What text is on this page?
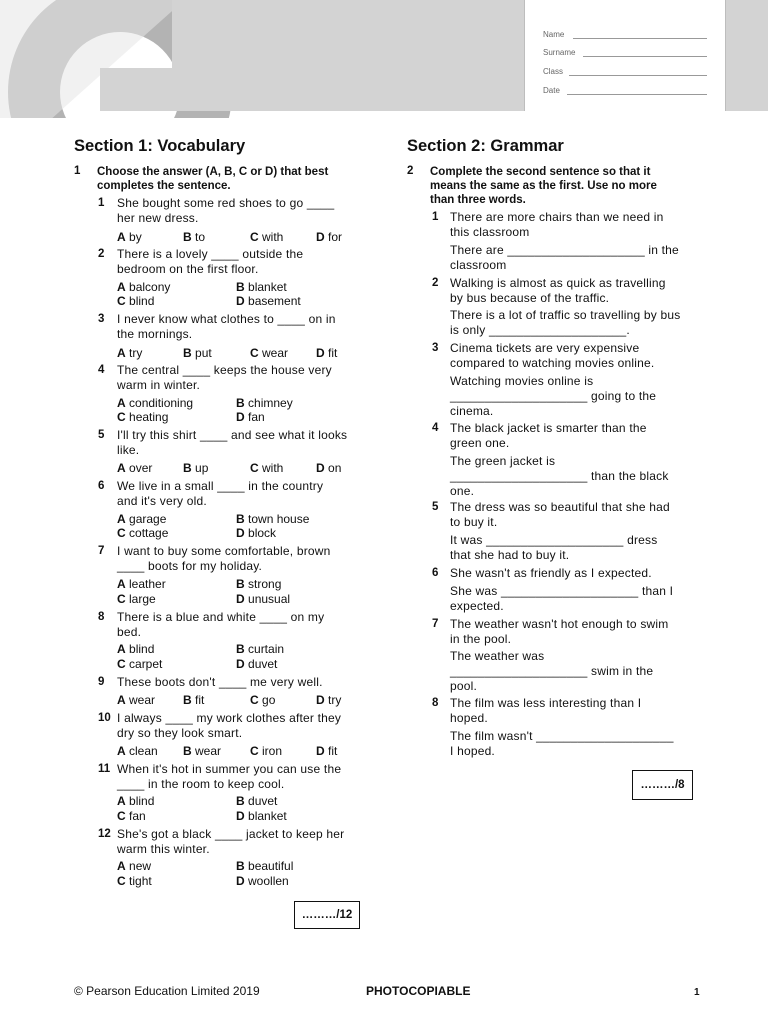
Name
Surname
Class
Date
Section 1: Vocabulary	Section 2: Grammar
1 Choose the answer (A, B, C or D) that best
completes the sentence.
1 She bought some red shoes to go ____
her new dress.
A by	B to	C with	D for
2 There is a lovely ____ outside the
bedroom on the first floor.
A balcony	B blanket
C blind	D basement
3 I never know what clothes to ____ on in
the mornings.
A try	B put	C wear D fit
4 The central ____ keeps the house very
warm in winter.
A conditioning	B chimney
C heating	D fan
5 I'll try this shirt ____ and see what it looks
like.
A over	B up	C with	D on
6 We live in a small ____ in the country
and it's very old.
A garage	B town house
C cottage	D block
7 I want to buy some comfortable, brown
____ boots for my holiday.
A leather	B strong
C large	D unusual
8 There is a blue and white ____ on my
bed.
A blind	B curtain
C carpet	D duvet
9 These boots don't ____ me very well.
A wear B fit	C go	D try
10 I always ____ my work clothes after they
dry so they look smart.
A clean B wear C iron	D fit
11 When it's hot in summer you can use the
____ in the room to keep cool.
A blind	B duvet
C fan	D blanket
12 She's got a black ____ jacket to keep her
warm this winter.
A new	B beautiful
C tight	D woollen
………/12
2 Complete the second sentence so that it
means the same as the first. Use no more
than three words.
1 There are more chairs than we need in
this classroom
There are ____________________ in the
classroom
2 Walking is almost as quick as travelling
by bus because of the traffic.
There is a lot of traffic so travelling by bus
is only ____________________.
3 Cinema tickets are very expensive
compared to watching movies online.
Watching movies online is
____________________ going to the
cinema.
4 The black jacket is smarter than the
green one.
The green jacket is
____________________ than the black
one.
5 The dress was so beautiful that she had
to buy it.
It was ____________________ dress
that she had to buy it.
6 She wasn't as friendly as I expected.
She was ____________________ than I
expected.
7 The weather wasn't hot enough to swim
in the pool.
The weather was
____________________ swim in the
pool.
8 The film was less interesting than I
hoped.
The film wasn't ____________________
I hoped.
………/8
© Pearson Education Limited 2019	PHOTOCOPIABLE	1
